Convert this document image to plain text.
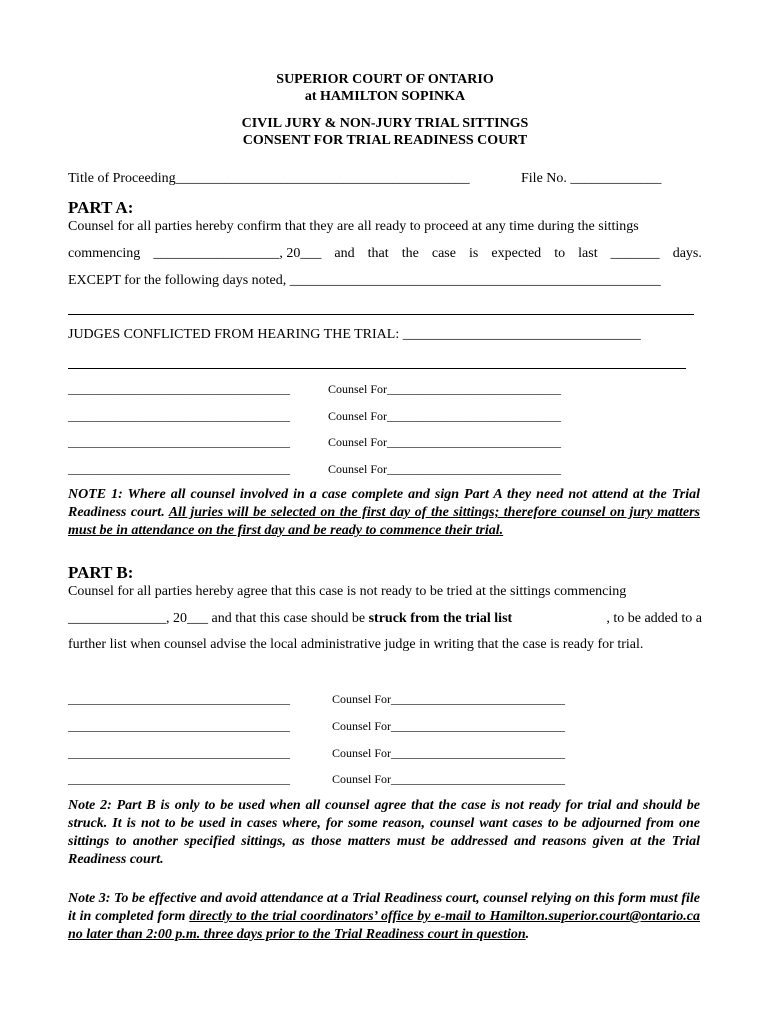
SUPERIOR COURT OF ONTARIO
at HAMILTON SOPINKA
CIVIL JURY & NON-JURY TRIAL SITTINGS
CONSENT FOR TRIAL READINESS COURT
Title of Proceeding__________________________________________	File No. _____________
PART A:
Counsel for all parties hereby confirm that they are all ready to proceed at any time during the sittings
commencing __________________, 20___ and that the case is expected to last _______ days.
EXCEPT for the following days noted, _____________________________________________________
JUDGES CONFLICTED FROM HEARING THE TRIAL: __________________________________
_____________________________________	Counsel For_____________________________
_____________________________________	Counsel For_____________________________
_____________________________________	Counsel For_____________________________
_____________________________________	Counsel For_____________________________
NOTE 1: Where all counsel involved in a case complete and sign Part A they need not attend at the Trial Readiness court. All juries will be selected on the first day of the sittings; therefore counsel on jury matters must be in attendance on the first day and be ready to commence their trial.
PART B:
Counsel for all parties hereby agree that this case is not ready to be tried at the sittings commencing
______________, 20___ and that this case should be struck from the trial list	, to be added to a
further list when counsel advise the local administrative judge in writing that the case is ready for trial.
_____________________________________	Counsel For_____________________________
_____________________________________	Counsel For_____________________________
_____________________________________	Counsel For_____________________________
_____________________________________	Counsel For_____________________________
Note 2: Part B is only to be used when all counsel agree that the case is not ready for trial and should be struck. It is not to be used in cases where, for some reason, counsel want cases to be adjourned from one sittings to another specified sittings, as those matters must be addressed and reasons given at the Trial Readiness court.
Note 3: To be effective and avoid attendance at a Trial Readiness court, counsel relying on this form must file it in completed form directly to the trial coordinators’ office by e-mail to Hamilton.superior.court@ontario.ca no later than 2:00 p.m. three days prior to the Trial Readiness court in question.
